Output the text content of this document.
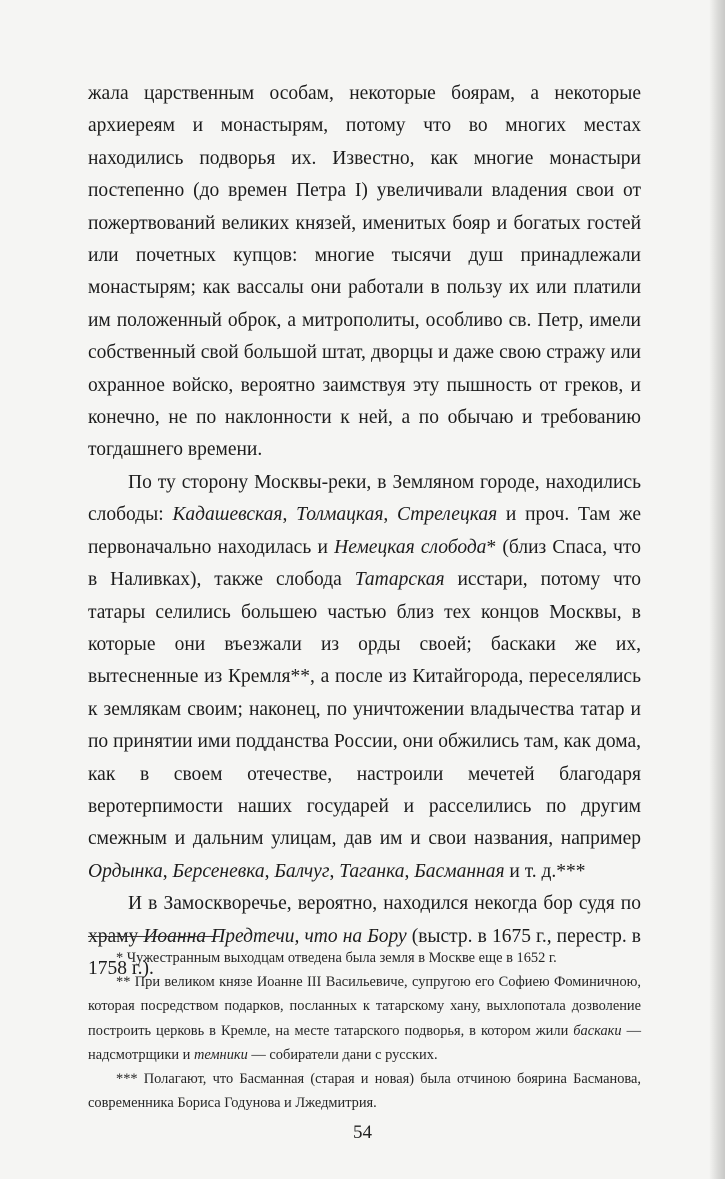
жала царственным особам, некоторые боярам, а некоторые архиереям и монастырям, потому что во многих местах находились подворья их. Известно, как многие монастыри постепенно (до времен Петра I) увеличивали владения свои от пожертвований великих князей, именитых бояр и богатых гостей или почетных купцов: многие тысячи душ принадлежали монастырям; как вассалы они работали в пользу их или платили им положенный оброк, а митрополиты, особливо св. Петр, имели собственный свой большой штат, дворцы и даже свою стражу или охранное войско, вероятно заимствуя эту пышность от греков, и конечно, не по наклонности к ней, а по обычаю и требованию тогдашнего времени.

По ту сторону Москвы-реки, в Земляном городе, находились слободы: Кадашевская, Толмацкая, Стрелецкая и проч. Там же первоначально находилась и Немецкая слобода* (близ Спаса, что в Наливках), также слобода Татарская исстари, потому что татары селились большею частью близ тех концов Москвы, в которые они въезжали из орды своей; баскаки же их, вытесненные из Кремля**, а после из Китайгорода, переселялись к землякам своим; наконец, по уничтожении владычества татар и по принятии ими подданства России, они обжились там, как дома, как в своем отечестве, настроили мечетей благодаря веротерпимости наших государей и расселились по другим смежным и дальним улицам, дав им и свои названия, например Ордынка, Берсеневка, Балчуг, Таганка, Басманная и т. д.***

И в Замоскворечье, вероятно, находился некогда бор судя по храму Иоанна Предтечи, что на Бору (выстр. в 1675 г., перестр. в 1758 г.).

* Чужестранным выходцам отведена была земля в Москве еще в 1652 г.

** При великом князе Иоанне III Васильевиче, супругою его Софиею Фоминичною, которая посредством подарков, посланных к татарскому хану, выхлопотала дозволение построить церковь в Кремле, на месте татарского подворья, в котором жили баскаки — надсмотрщики и темники — собиратели дани с русских.

*** Полагают, что Басманная (старая и новая) была отчиною боярина Басманова, современника Бориса Годунова и Лжедмитрия.

54
